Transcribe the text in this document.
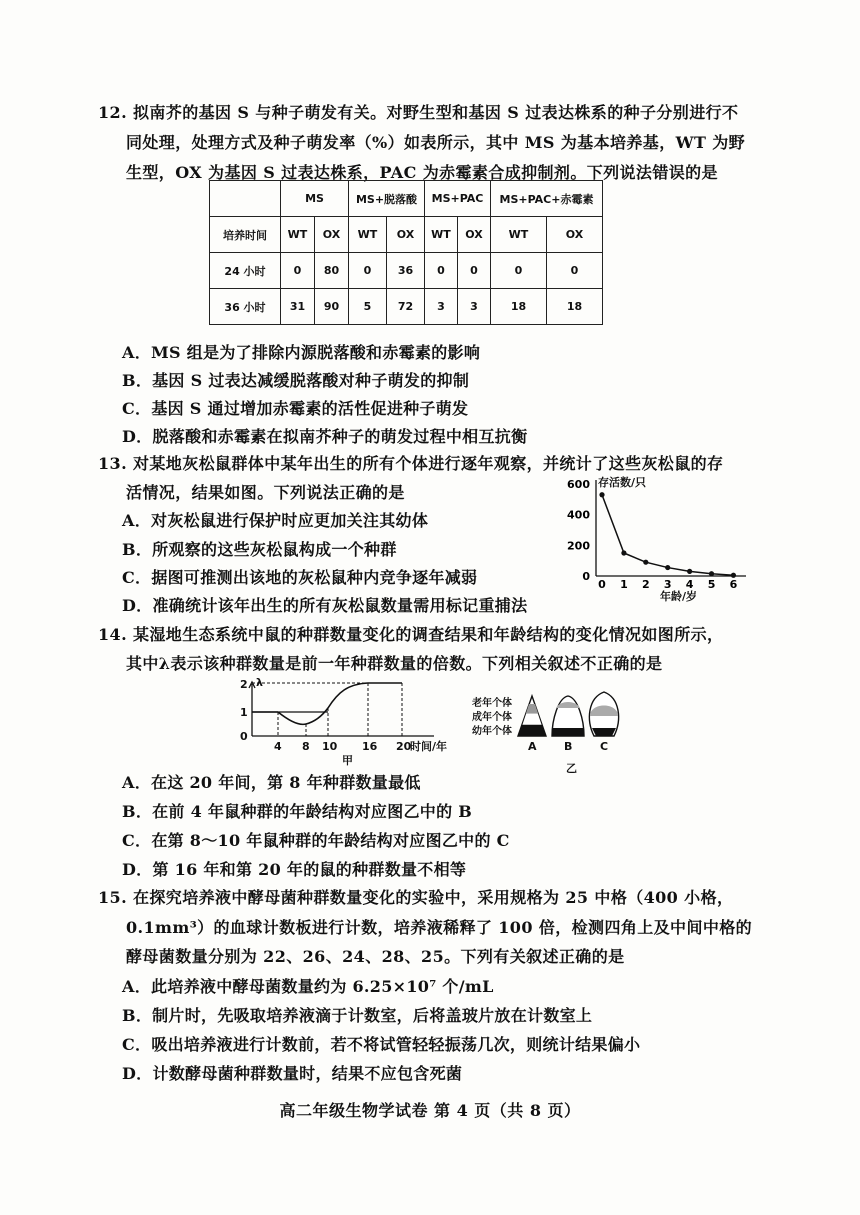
12. 拟南芥的基因 S 与种子萌发有关。对野生型和基因 S 过表达株系的种子分别进行不
同处理，处理方式及种子萌发率（%）如表所示，其中 MS 为基本培养基，WT 为野
生型，OX 为基因 S 过表达株系，PAC 为赤霉素合成抑制剂。下列说法错误的是
	MS		MS+脱落酸		MS+PAC		MS+PAC+赤霉素	
培养时间	WT	OX	WT	OX	WT	OX	WT	OX
24 小时	0	80	0	36	0	0	0	0
36 小时	31	90	5	72	3	3	18	18
A．MS 组是为了排除内源脱落酸和赤霉素的影响
B．基因 S 过表达减缓脱落酸对种子萌发的抑制
C．基因 S 通过增加赤霉素的活性促进种子萌发
D．脱落酸和赤霉素在拟南芥种子的萌发过程中相互抗衡
13. 对某地灰松鼠群体中某年出生的所有个体进行逐年观察，并统计了这些灰松鼠的存
活情况，结果如图。下列说法正确的是
A．对灰松鼠进行保护时应更加关注其幼体
B．所观察的这些灰松鼠构成一个种群
C．据图可推测出该地的灰松鼠种内竞争逐年减弱
D．准确统计该年出生的所有灰松鼠数量需用标记重捕法
存活数/只
年龄/岁
0
200
400
600
0 1 2 3 4 5 6
14. 某湿地生态系统中鼠的种群数量变化的调查结果和年龄结构的变化情况如图所示，
其中λ表示该种群数量是前一年种群数量的倍数。下列相关叙述不正确的是
λ
0
1
2
4 8 10 16 20
时间/年
甲
老年个体
成年个体
幼年个体
A B	C
乙
A．在这 20 年间，第 8 年种群数量最低
B．在前 4 年鼠种群的年龄结构对应图乙中的 B
C．在第 8～10 年鼠种群的年龄结构对应图乙中的 C
D．第 16 年和第 20 年的鼠的种群数量不相等
15. 在探究培养液中酵母菌种群数量变化的实验中，采用规格为 25 中格（400 小格，
0.1mm³）的血球计数板进行计数，培养液稀释了 100 倍，检测四角上及中间中格的
酵母菌数量分别为 22、26、24、28、25。下列有关叙述正确的是
A．此培养液中酵母菌数量约为 6.25×10⁷ 个/mL
B．制片时，先吸取培养液滴于计数室，后将盖玻片放在计数室上
C．吸出培养液进行计数前，若不将试管轻轻振荡几次，则统计结果偏小
D．计数酵母菌种群数量时，结果不应包含死菌
高二年级生物学试卷 第 4 页（共 8 页）
